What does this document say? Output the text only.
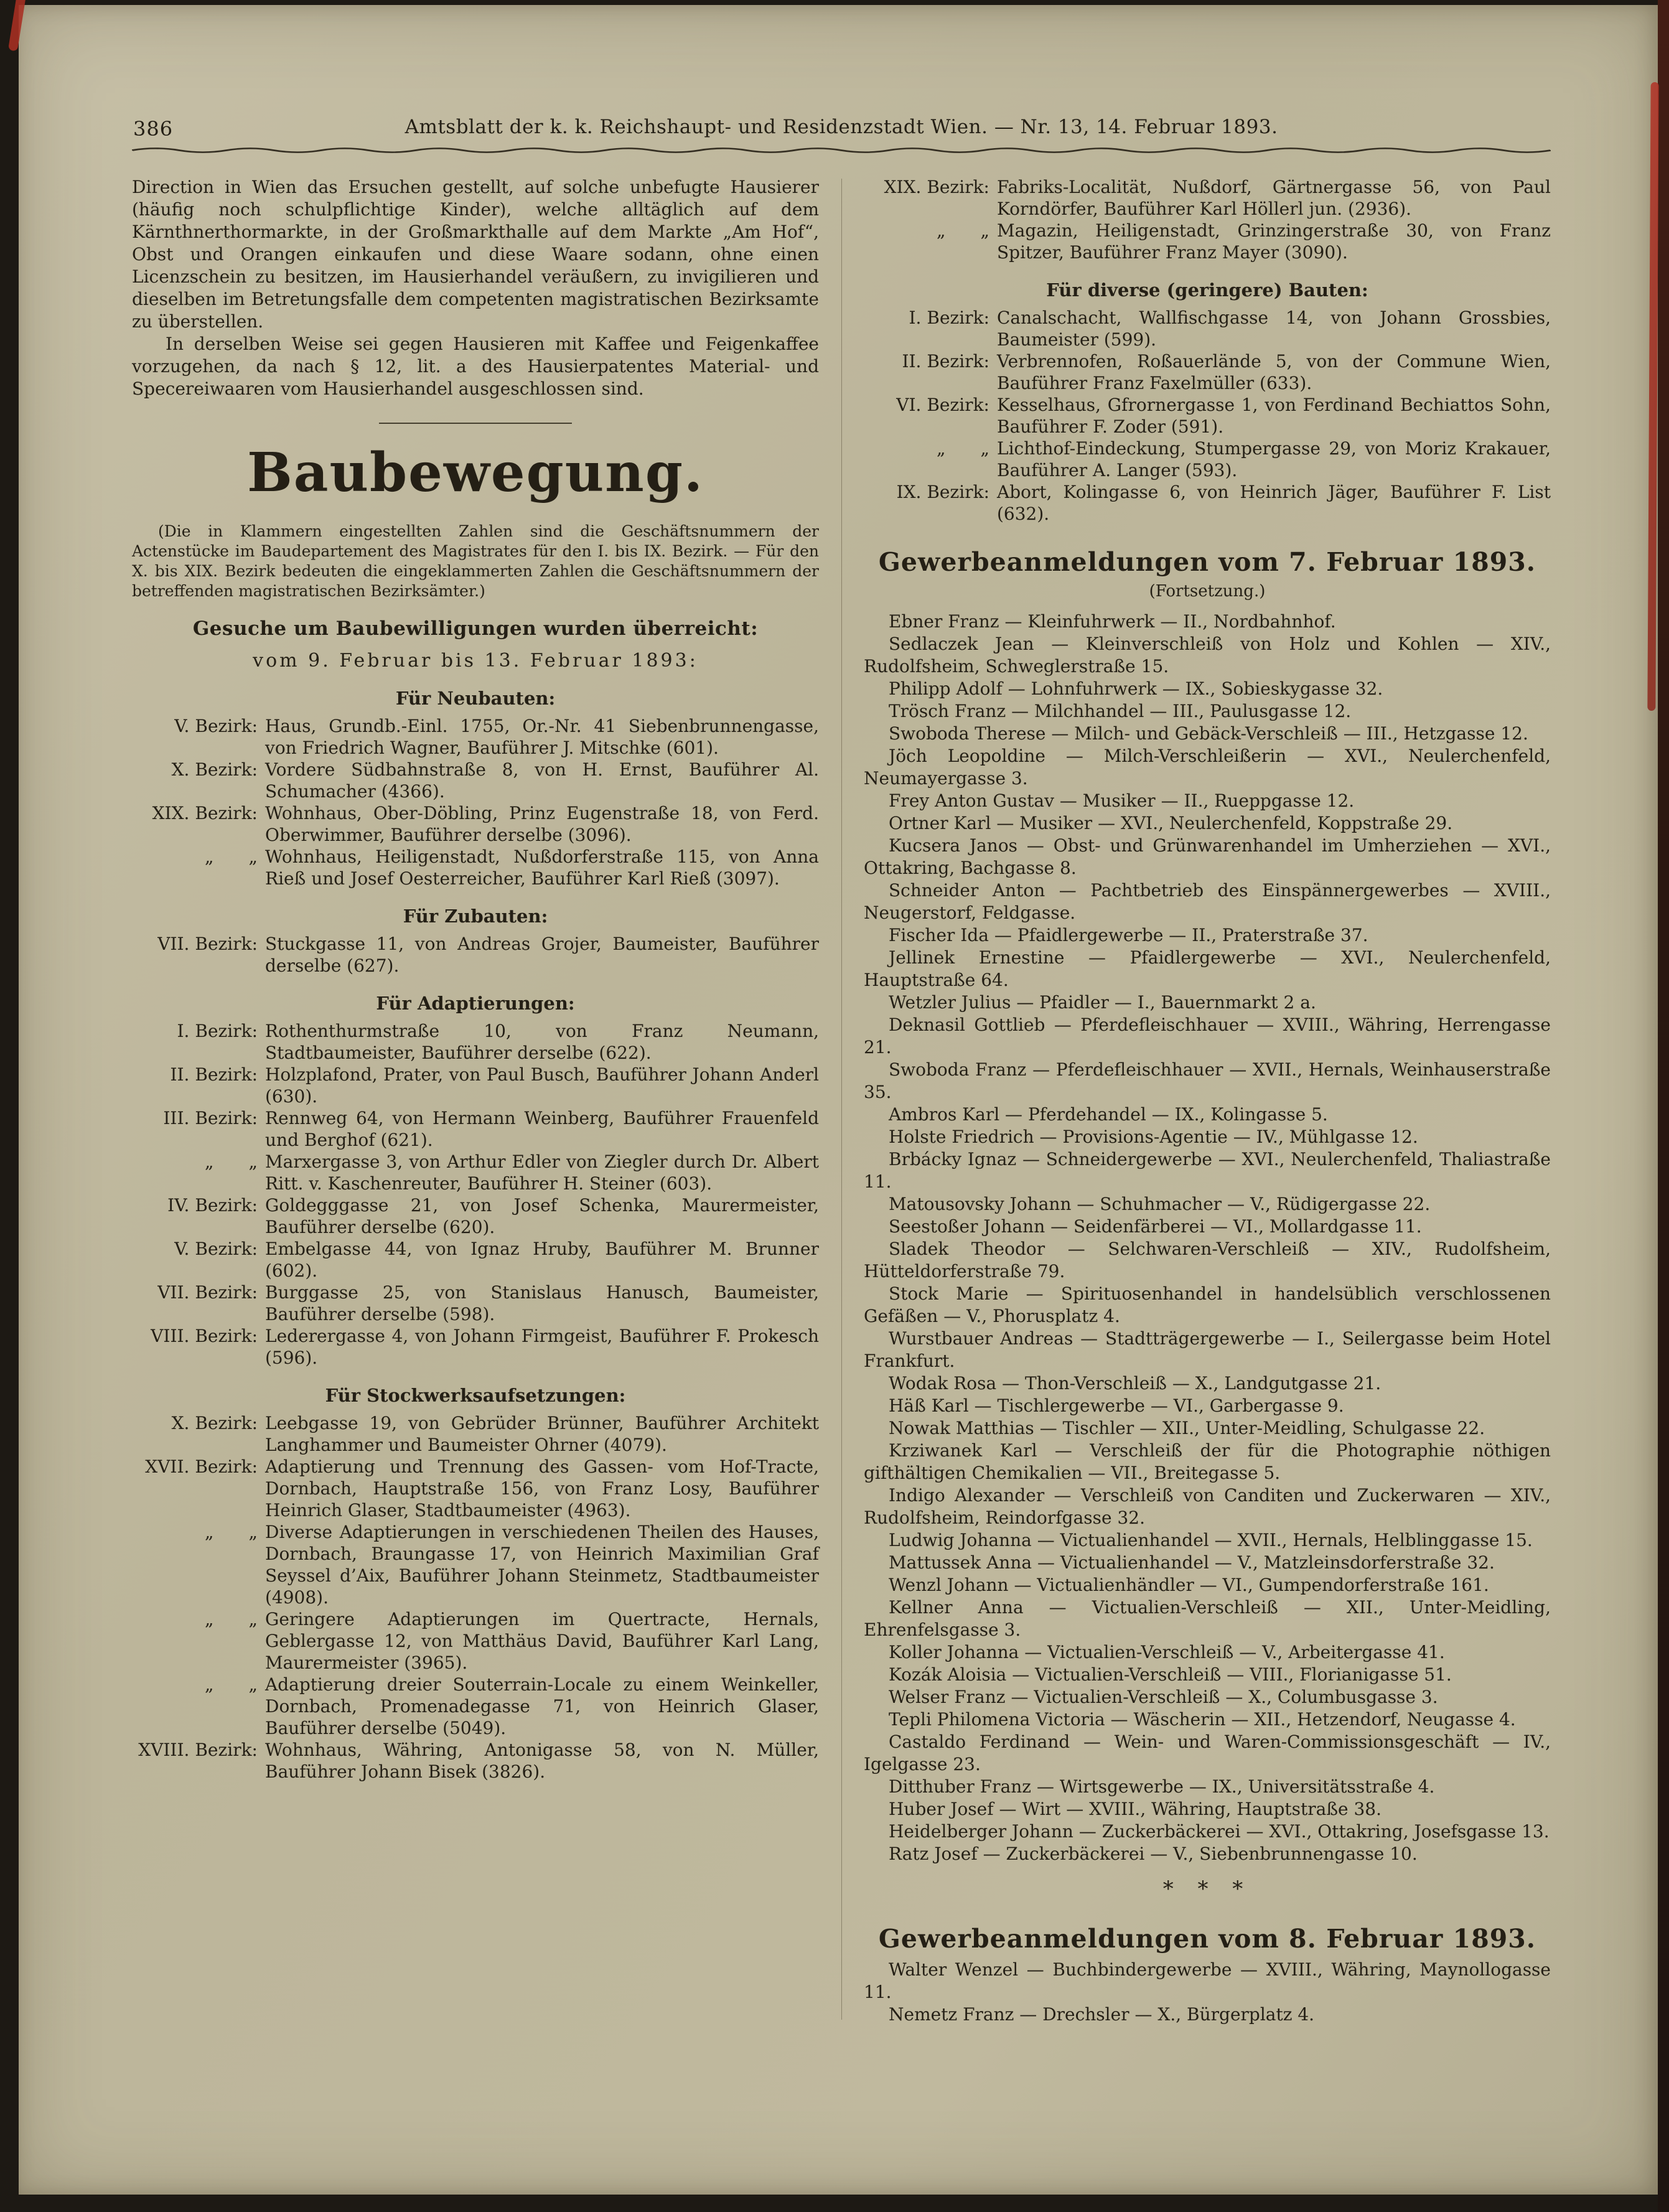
386	Amtsblatt der k. k. Reichshaupt- und Residenzstadt Wien. — Nr. 13, 14. Februar 1893.

Direction in Wien das Ersuchen gestellt, auf solche unbefugte Hausierer (häufig noch schulpflichtige Kinder), welche alltäglich auf dem Kärnthnerthormarkte, in der Großmarkthalle auf dem Markte „Am Hof“, Obst und Orangen einkaufen und diese Waare sodann, ohne einen Licenzschein zu besitzen, im Hausierhandel veräußern, zu invigilieren und dieselben im Betretungsfalle dem competenten magistratischen Bezirksamte zu überstellen.

In derselben Weise sei gegen Hausieren mit Kaffee und Feigenkaffee vorzugehen, da nach § 12, lit. a des Hausierpatentes Material- und Specereiwaaren vom Hausierhandel ausgeschlossen sind.

Baubewegung.

(Die in Klammern eingestellten Zahlen sind die Geschäftsnummern der Actenstücke im Baudepartement des Magistrates für den I. bis IX. Bezirk. — Für den X. bis XIX. Bezirk bedeuten die eingeklammerten Zahlen die Geschäftsnummern der betreffenden magistratischen Bezirksämter.)

Gesuche um Baubewilligungen wurden überreicht:
vom 9. Februar bis 13. Februar 1893:
Für Neubauten:
V. Bezirk: Haus, Grundb.-Einl. 1755, Or.-Nr. 41 Siebenbrunnengasse, von Friedrich Wagner, Bauführer J. Mitschke (601).
X. Bezirk: Vordere Südbahnstraße 8, von H. Ernst, Bauführer Al. Schumacher (4366).
XIX. Bezirk: Wohnhaus, Ober-Döbling, Prinz Eugenstraße 18, von Ferd. Oberwimmer, Bauführer derselbe (3096).
„  „ Wohnhaus, Heiligenstadt, Nußdorferstraße 115, von Anna Rieß und Josef Oesterreicher, Bauführer Karl Rieß (3097).
Für Zubauten:
VII. Bezirk: Stuckgasse 11, von Andreas Grojer, Baumeister, Bauführer derselbe (627).
Für Adaptierungen:
I. Bezirk: Rothenthurmstraße 10, von Franz Neumann, Stadtbaumeister, Bauführer derselbe (622).
II. Bezirk: Holzplafond, Prater, von Paul Busch, Bauführer Johann Anderl (630).
III. Bezirk: Rennweg 64, von Hermann Weinberg, Bauführer Frauenfeld und Berghof (621).
„  „ Marxergasse 3, von Arthur Edler von Ziegler durch Dr. Albert Ritt. v. Kaschenreuter, Bauführer H. Steiner (603).
IV. Bezirk: Goldegggasse 21, von Josef Schenka, Maurermeister, Bauführer derselbe (620).
V. Bezirk: Embelgasse 44, von Ignaz Hruby, Bauführer M. Brunner (602).
VII. Bezirk: Burggasse 25, von Stanislaus Hanusch, Baumeister, Bauführer derselbe (598).
VIII. Bezirk: Lederergasse 4, von Johann Firmgeist, Bauführer F. Prokesch (596).
Für Stockwerksaufsetzungen:
X. Bezirk: Leebgasse 19, von Gebrüder Brünner, Bauführer Architekt Langhammer und Baumeister Ohrner (4079).
XVII. Bezirk: Adaptierung und Trennung des Gassen- vom Hof-Tracte, Dornbach, Hauptstraße 156, von Franz Losy, Bauführer Heinrich Glaser, Stadtbaumeister (4963).
„  „ Diverse Adaptierungen in verschiedenen Theilen des Hauses, Dornbach, Braungasse 17, von Heinrich Maximilian Graf Seyssel d’Aix, Bauführer Johann Steinmetz, Stadtbaumeister (4908).
„  „ Geringere Adaptierungen im Quertracte, Hernals, Geblergasse 12, von Matthäus David, Bauführer Karl Lang, Maurermeister (3965).
„  „ Adaptierung dreier Souterrain-Locale zu einem Weinkeller, Dornbach, Promenadegasse 71, von Heinrich Glaser, Bauführer derselbe (5049).
XVIII. Bezirk: Wohnhaus, Währing, Antonigasse 58, von N. Müller, Bauführer Johann Bisek (3826).
XIX. Bezirk: Fabriks-Localität, Nußdorf, Gärtnergasse 56, von Paul Korndörfer, Bauführer Karl Höllerl jun. (2936).
„  „ Magazin, Heiligenstadt, Grinzingerstraße 30, von Franz Spitzer, Bauführer Franz Mayer (3090).
Für diverse (geringere) Bauten:
I. Bezirk: Canalschacht, Wallfischgasse 14, von Johann Grossbies, Baumeister (599).
II. Bezirk: Verbrennofen, Roßauerlände 5, von der Commune Wien, Bauführer Franz Faxelmüller (633).
VI. Bezirk: Kesselhaus, Gfrornergasse 1, von Ferdinand Bechiattos Sohn, Bauführer F. Zoder (591).
„  „ Lichthof-Eindeckung, Stumpergasse 29, von Moriz Krakauer, Bauführer A. Langer (593).
IX. Bezirk: Abort, Kolingasse 6, von Heinrich Jäger, Bauführer F. List (632).
Gewerbeanmeldungen vom 7. Februar 1893.
(Fortsetzung.)

Ebner Franz — Kleinfuhrwerk — II., Nordbahnhof.

Sedlaczek Jean — Kleinverschleiß von Holz und Kohlen — XIV., Rudolfsheim, Schweglerstraße 15.

Philipp Adolf — Lohnfuhrwerk — IX., Sobieskygasse 32.

Trösch Franz — Milchhandel — III., Paulusgasse 12.

Swoboda Therese — Milch- und Gebäck-Verschleiß — III., Hetzgasse 12.

Jöch Leopoldine — Milch-Verschleißerin — XVI., Neulerchenfeld, Neumayergasse 3.

Frey Anton Gustav — Musiker — II., Rueppgasse 12.

Ortner Karl — Musiker — XVI., Neulerchenfeld, Koppstraße 29.

Kucsera Janos — Obst- und Grünwarenhandel im Umherziehen — XVI., Ottakring, Bachgasse 8.

Schneider Anton — Pachtbetrieb des Einspännergewerbes — XVIII., Neugerstorf, Feldgasse.

Fischer Ida — Pfaidlergewerbe — II., Praterstraße 37.

Jellinek Ernestine — Pfaidlergewerbe — XVI., Neulerchenfeld, Hauptstraße 64.

Wetzler Julius — Pfaidler — I., Bauernmarkt 2 a.

Deknasil Gottlieb — Pferdefleischhauer — XVIII., Währing, Herrengasse 21.

Swoboda Franz — Pferdefleischhauer — XVII., Hernals, Weinhauserstraße 35.

Ambros Karl — Pferdehandel — IX., Kolingasse 5.

Holste Friedrich — Provisions-Agentie — IV., Mühlgasse 12.

Brbácky Ignaz — Schneidergewerbe — XVI., Neulerchenfeld, Thaliastraße 11.

Matousovsky Johann — Schuhmacher — V., Rüdigergasse 22.

Seestoßer Johann — Seidenfärberei — VI., Mollardgasse 11.

Sladek Theodor — Selchwaren-Verschleiß — XIV., Rudolfsheim, Hütteldorferstraße 79.

Stock Marie — Spirituosenhandel in handelsüblich verschlossenen Gefäßen — V., Phorusplatz 4.

Wurstbauer Andreas — Stadtträgergewerbe — I., Seilergasse beim Hotel Frankfurt.

Wodak Rosa — Thon-Verschleiß — X., Landgutgasse 21.

Häß Karl — Tischlergewerbe — VI., Garbergasse 9.

Nowak Matthias — Tischler — XII., Unter-Meidling, Schulgasse 22.

Krziwanek Karl — Verschleiß der für die Photographie nöthigen gifthältigen Chemikalien — VII., Breitegasse 5.

Indigo Alexander — Verschleiß von Canditen und Zuckerwaren — XIV., Rudolfsheim, Reindorfgasse 32.

Ludwig Johanna — Victualienhandel — XVII., Hernals, Helblinggasse 15.

Mattussek Anna — Victualienhandel — V., Matzleinsdorferstraße 32.

Wenzl Johann — Victualienhändler — VI., Gumpendorferstraße 161.

Kellner Anna — Victualien-Verschleiß — XII., Unter-Meidling, Ehrenfelsgasse 3.

Koller Johanna — Victualien-Verschleiß — V., Arbeitergasse 41.

Kozák Aloisia — Victualien-Verschleiß — VIII., Florianigasse 51.

Welser Franz — Victualien-Verschleiß — X., Columbusgasse 3.

Tepli Philomena Victoria — Wäscherin — XII., Hetzendorf, Neugasse 4.

Castaldo Ferdinand — Wein- und Waren-Commissionsgeschäft — IV., Igelgasse 23.

Ditthuber Franz — Wirtsgewerbe — IX., Universitätsstraße 4.

Huber Josef — Wirt — XVIII., Währing, Hauptstraße 38.

Heidelberger Johann — Zuckerbäckerei — XVI., Ottakring, Josefsgasse 13.

Ratz Josef — Zuckerbäckerei — V., Siebenbrunnengasse 10.

* * *
Gewerbeanmeldungen vom 8. Februar 1893.

Walter Wenzel — Buchbindergewerbe — XVIII., Währing, Maynollogasse 11.

Nemetz Franz — Drechsler — X., Bürgerplatz 4.
